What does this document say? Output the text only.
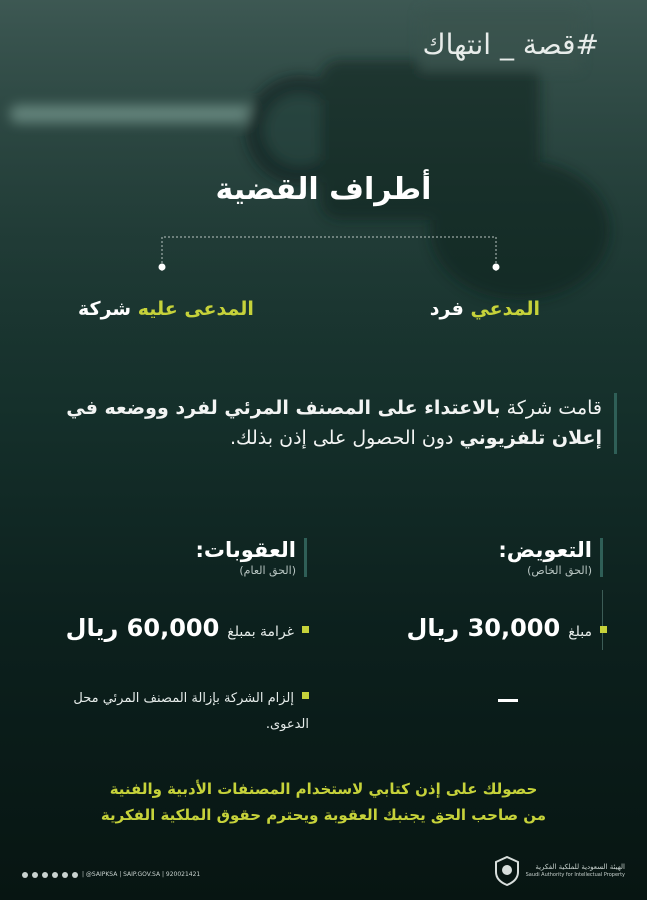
#قصة _ انتهاك
أطراف القضية
المدعي فرد
المدعى عليه شركة
قامت شركة بالاعتداء على المصنف المرئي لفرد ووضعه في إعلان تلفزيوني دون الحصول على إذن بذلك.
التعويض:
(الحق الخاص)
العقوبات:
(الحق العام)
مبلغ
30,000 ريال
غرامة بمبلغ
60,000 ريال
إلزام الشركة بإزالة المصنف المرئي محل الدعوى.
حصولك على إذن كتابي لاستخدام المصنفات الأدبية والفنية
من صاحب الحق يجنبك العقوبة ويحترم حقوق الملكية الفكرية
| @SAIPKSA | SAIP.GOV.SA | 920021421
الهيئة السعودية للملكية الفكرية
Saudi Authority for Intellectual Property
